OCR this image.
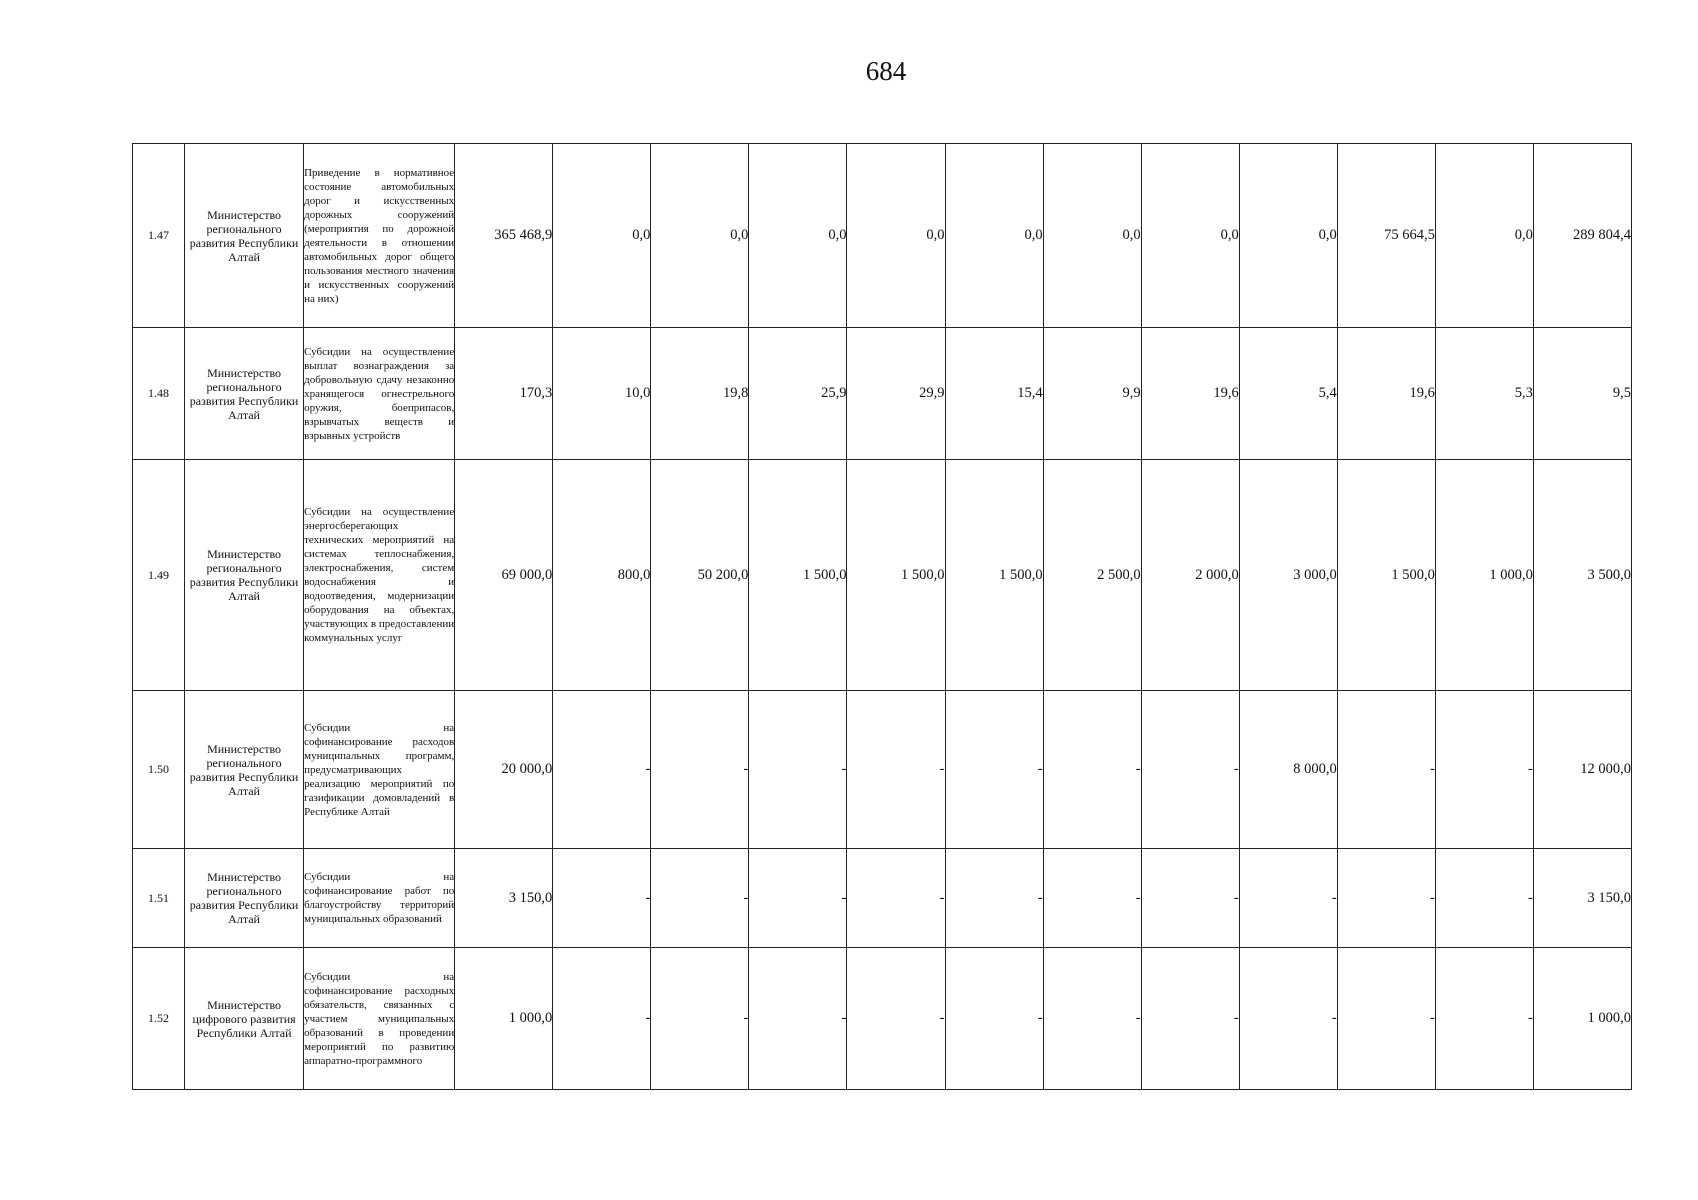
684
1.47	Министерство регионального развития Республики Алтай	Приведение в нормативное состояние автомобильных дорог и искусственных дорожных сооружений (мероприятия по дорожной деятельности в отношении автомобильных дорог общего пользования местного значения и искусственных сооружений на них)	365 468,9	0,0	0,0	0,0	0,0	0,0	0,0	0,0	0,0	75 664,5	0,0	289 804,4
1.48	Министерство регионального развития Республики Алтай	Субсидии на осуществление выплат вознаграждения за добровольную сдачу незаконно хранящегося огнестрельного оружия, боеприпасов, взрывчатых веществ и взрывных устройств	170,3	10,0	19,8	25,9	29,9	15,4	9,9	19,6	5,4	19,6	5,3	9,5
1.49	Министерство регионального развития Республики Алтай	Субсидии на осуществление энергосберегающих технических мероприятий на системах теплоснабжения, электроснабжения, систем водоснабжения и водоотведения, модернизации оборудования на объектах, участвующих в предоставлении коммунальных услуг	69 000,0	800,0	50 200,0	1 500,0	1 500,0	1 500,0	2 500,0	2 000,0	3 000,0	1 500,0	1 000,0	3 500,0
1.50	Министерство регионального развития Республики Алтай	Субсидии на софинансирование расходов муниципальных программ, предусматривающих реализацию мероприятий по газификации домовладений в Республике Алтай	20 000,0	-	-	-	-	-	-	-	8 000,0	-	-	12 000,0
1.51	Министерство регионального развития Республики Алтай	Субсидии на софинансирование работ по благоустройству территорий муниципальных образований	3 150,0	-	-	-	-	-	-	-	-	-	-	3 150,0
1.52	Министерство цифрового развития Республики Алтай	Субсидии на софинансирование расходных обязательств, связанных с участием муниципальных образований в проведении мероприятий по развитию аппаратно-программного	1 000,0	-	-	-	-	-	-	-	-	-	-	1 000,0
